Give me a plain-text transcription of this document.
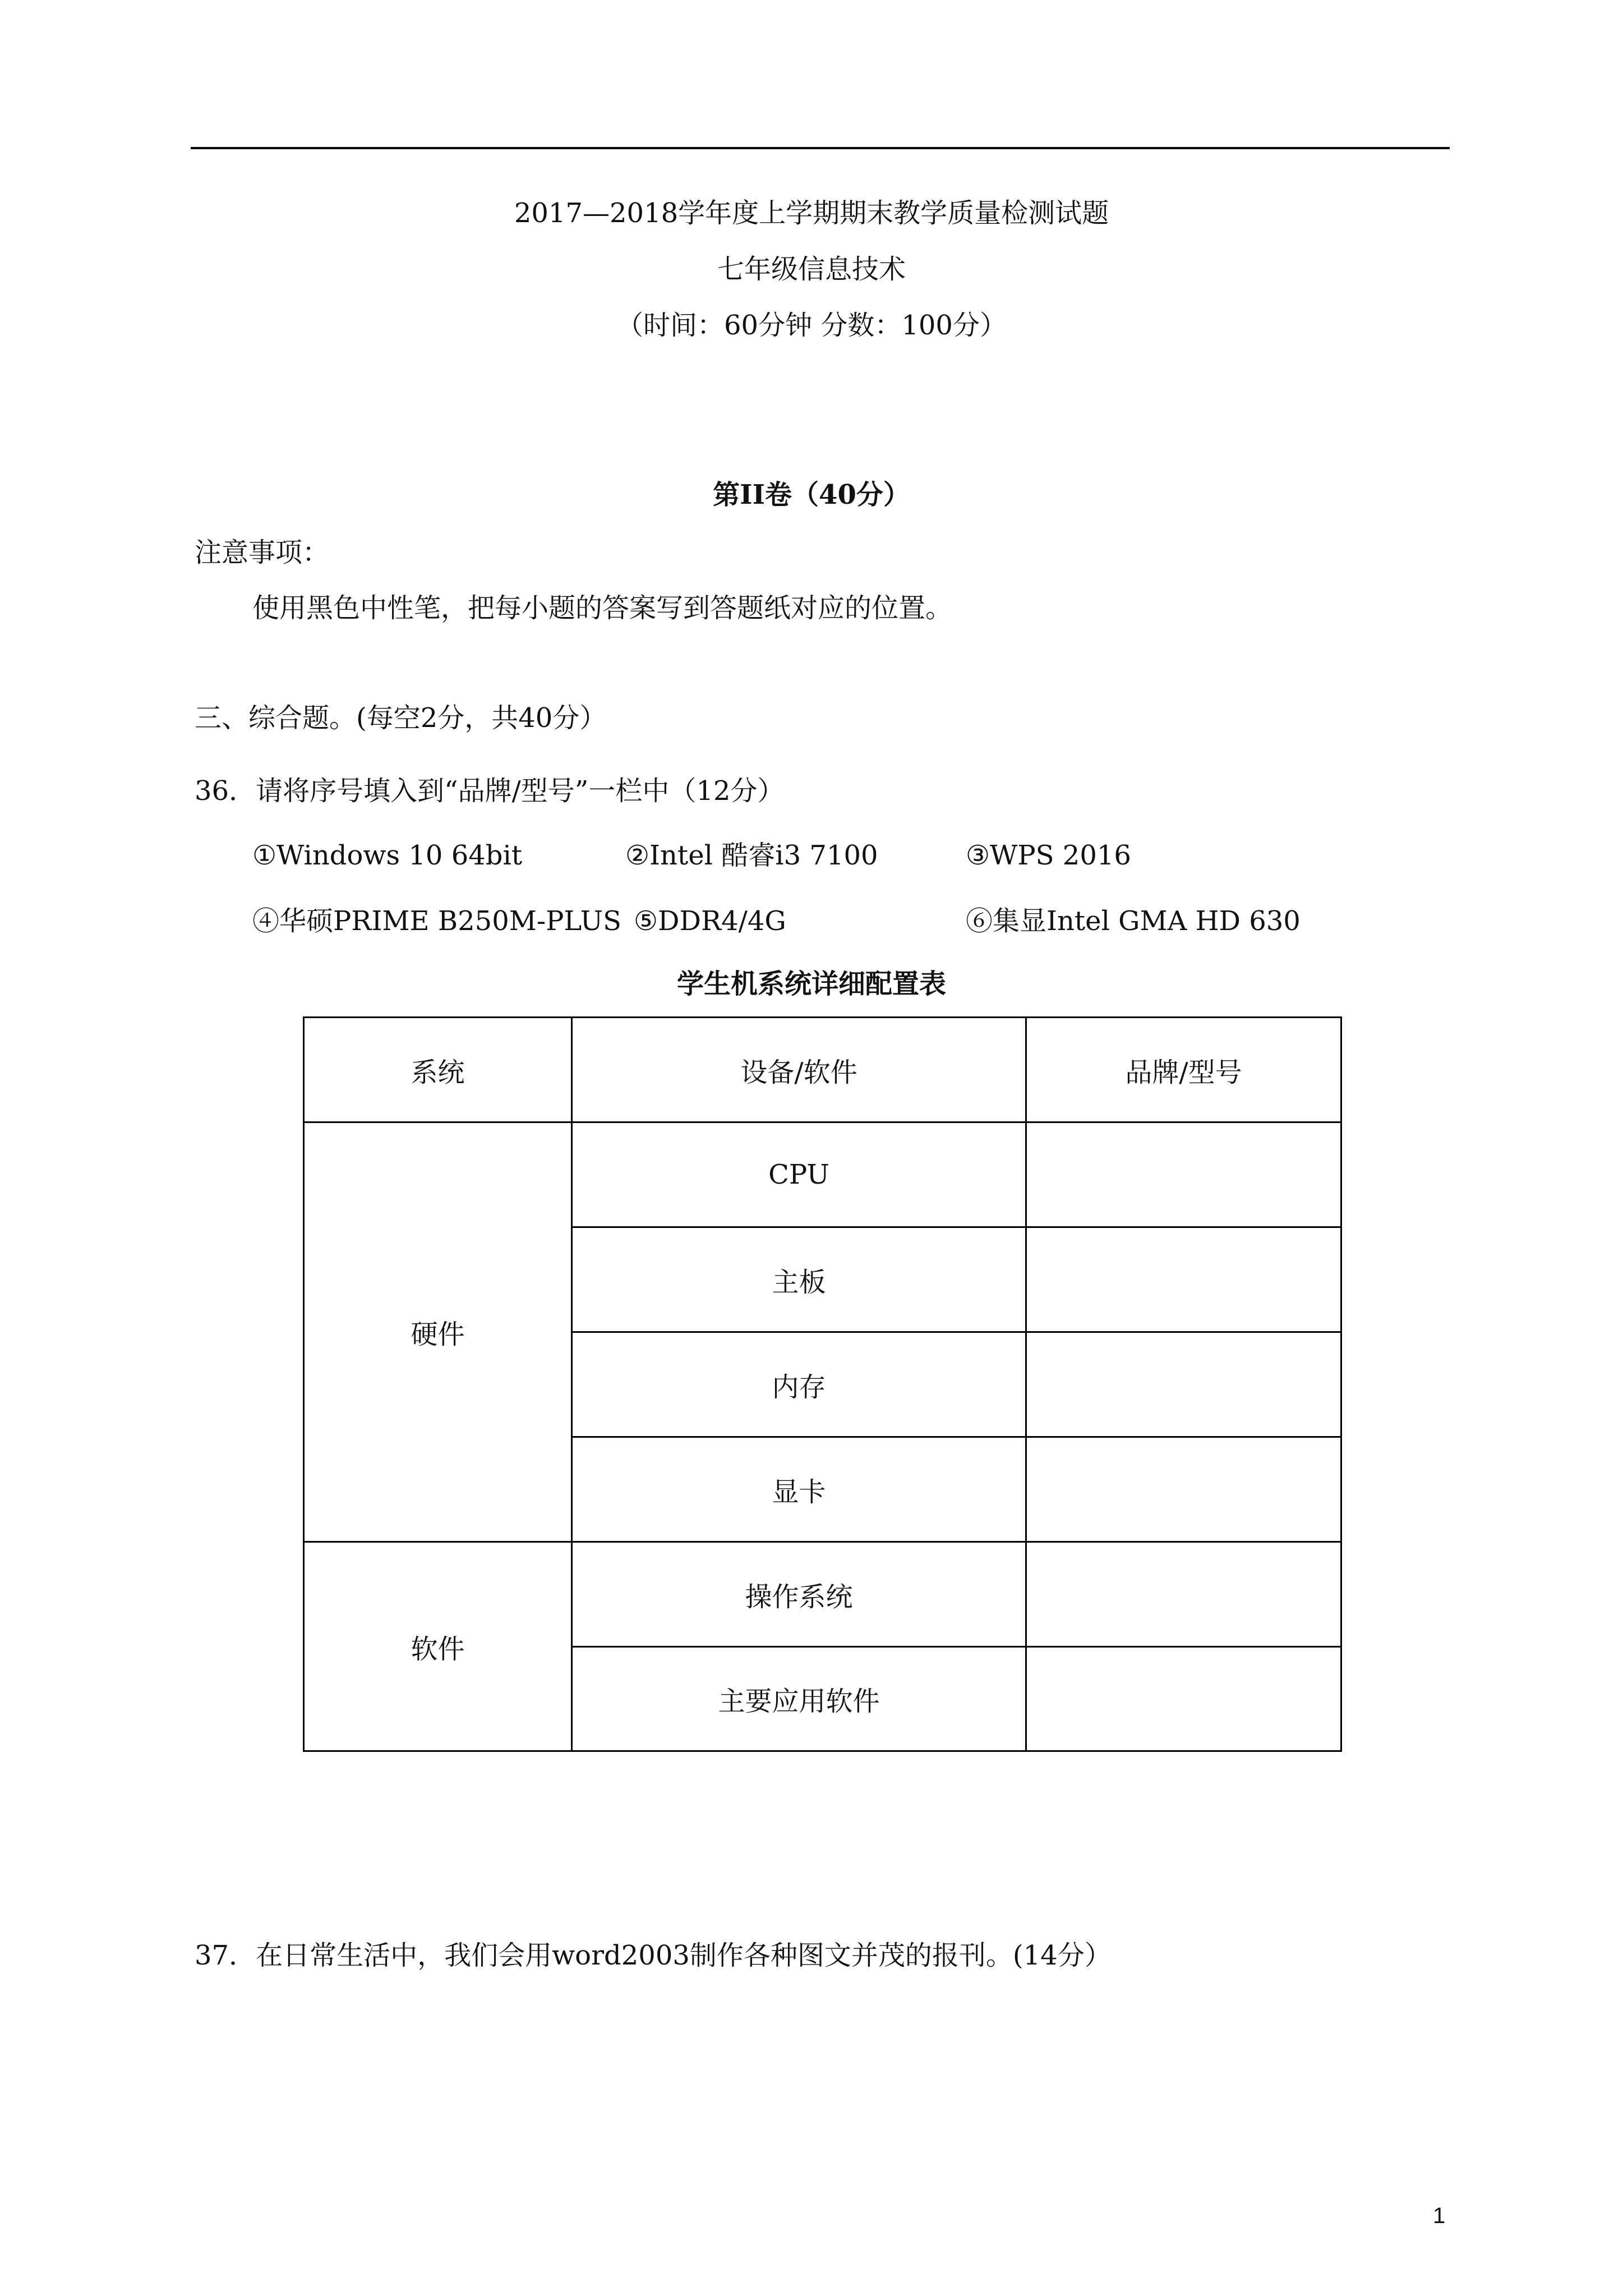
2017—2018学年度上学期期末教学质量检测试题
七年级信息技术
（时间：60分钟 分数：100分）
第II卷（40分）
注意事项：
使用黑色中性笔，把每小题的答案写到答题纸对应的位置。
三、综合题。(每空2分，共40分）
36．请将序号填入到“品牌/型号”一栏中（12分）
①Windows 10 64bit	②Intel 酷睿i3 7100	③WPS 2016
④华硕PRIME B250M-PLUS ⑤DDR4/4G	⑥集显Intel GMA HD 630
学生机系统详细配置表
系统	设备/软件	品牌/型号
硬件	CPU	
	主板	
	内存	
	显卡	
软件	操作系统	
	主要应用软件	
37．在日常生活中，我们会用word2003制作各种图文并茂的报刊。(14分）
1
